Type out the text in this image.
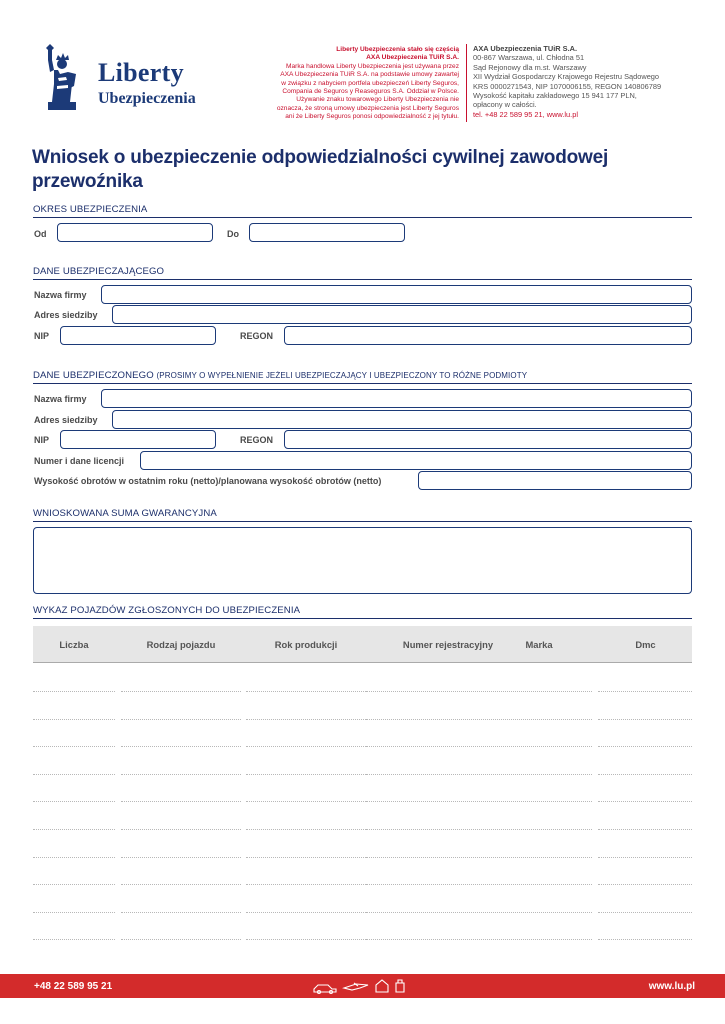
Liberty
Ubezpieczenia
Liberty Ubezpieczenia stało się częścią
AXA Ubezpieczenia TUiR S.A.
Marka handlowa Liberty Ubezpieczenia jest używana przez
AXA Ubezpieczenia TUiR S.A. na podstawie umowy zawartej
w związku z nabyciem portfela ubezpieczeń Liberty Seguros,
Compania de Seguros y Reaseguros S.A. Oddział w Polsce.
Używanie znaku towarowego Liberty Ubezpieczenia nie
oznacza, że stroną umowy ubezpieczenia jest Liberty Seguros
ani że Liberty Seguros ponosi odpowiedzialność z jej tytułu.
AXA Ubezpieczenia TUiR S.A.
00-867 Warszawa, ul. Chłodna 51
Sąd Rejonowy dla m.st. Warszawy
XII Wydział Gospodarczy Krajowego Rejestru Sądowego
KRS 0000271543, NIP 1070006155, REGON 140806789
Wysokość kapitału zakładowego 15 941 177 PLN,
opłacony w całości.
tel. +48 22 589 95 21, www.lu.pl
Wniosek o ubezpieczenie odpowiedzialności cywilnej zawodowej przewoźnika
OKRES UBEZPIECZENIA
Od	Do
DANE UBEZPIECZAJĄCEGO
Nazwa firmy
Adres siedziby
NIP	REGON
DANE UBEZPIECZONEGO (PROSIMY O WYPEŁNIENIE JEŻELI UBEZPIECZAJĄCY I UBEZPIECZONY TO RÓŻNE PODMIOTY
Nazwa firmy
Adres siedziby
NIP	REGON
Numer i dane licencji
Wysokość obrotów w ostatnim roku (netto)/planowana wysokość obrotów (netto)
WNIOSKOWANA SUMA GWARANCYJNA
WYKAZ POJAZDÓW ZGŁOSZONYCH DO UBEZPIECZENIA
Liczba	Rodzaj pojazdu	Rok produkcji	Numer rejestracyjny	Marka	Dmc
+48 22 589 95 21	www.lu.pl
